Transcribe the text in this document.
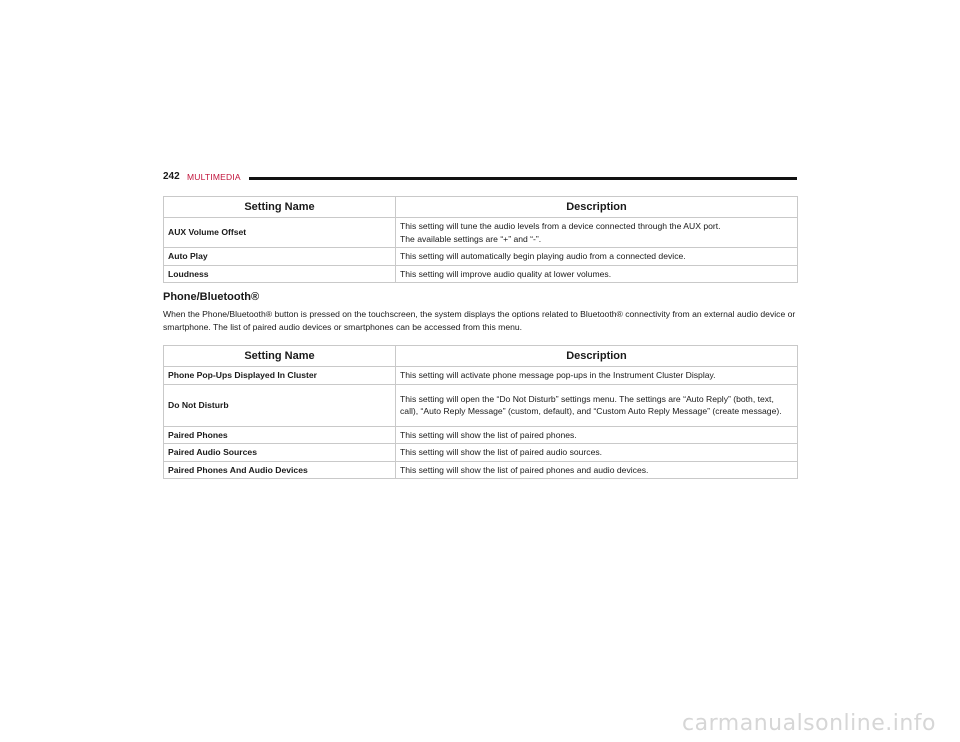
242 MULTIMEDIA
Setting Name	Description
AUX Volume Offset	This setting will tune the audio levels from a device connected through the AUX port.
The available settings are “+” and “-”.

Auto Play	This setting will automatically begin playing audio from a connected device.
Loudness	This setting will improve audio quality at lower volumes.
Phone/Bluetooth®
When the Phone/Bluetooth® button is pressed on the touchscreen, the system displays the options related to Bluetooth® connectivity from an external audio device or smartphone. The list of paired audio devices or smartphones can be accessed from this menu.
Setting Name	Description
Phone Pop-Ups Displayed In Cluster	This setting will activate phone message pop-ups in the Instrument Cluster Display.
Do Not Disturb	This setting will open the “Do Not Disturb” settings menu. The settings are “Auto Reply” (both, text, call), “Auto Reply Message” (custom, default), and “Custom Auto Reply Message” (create message).
Paired Phones	This setting will show the list of paired phones.
Paired Audio Sources	This setting will show the list of paired audio sources.
Paired Phones And Audio Devices	This setting will show the list of paired phones and audio devices.
carmanualsonline.info
